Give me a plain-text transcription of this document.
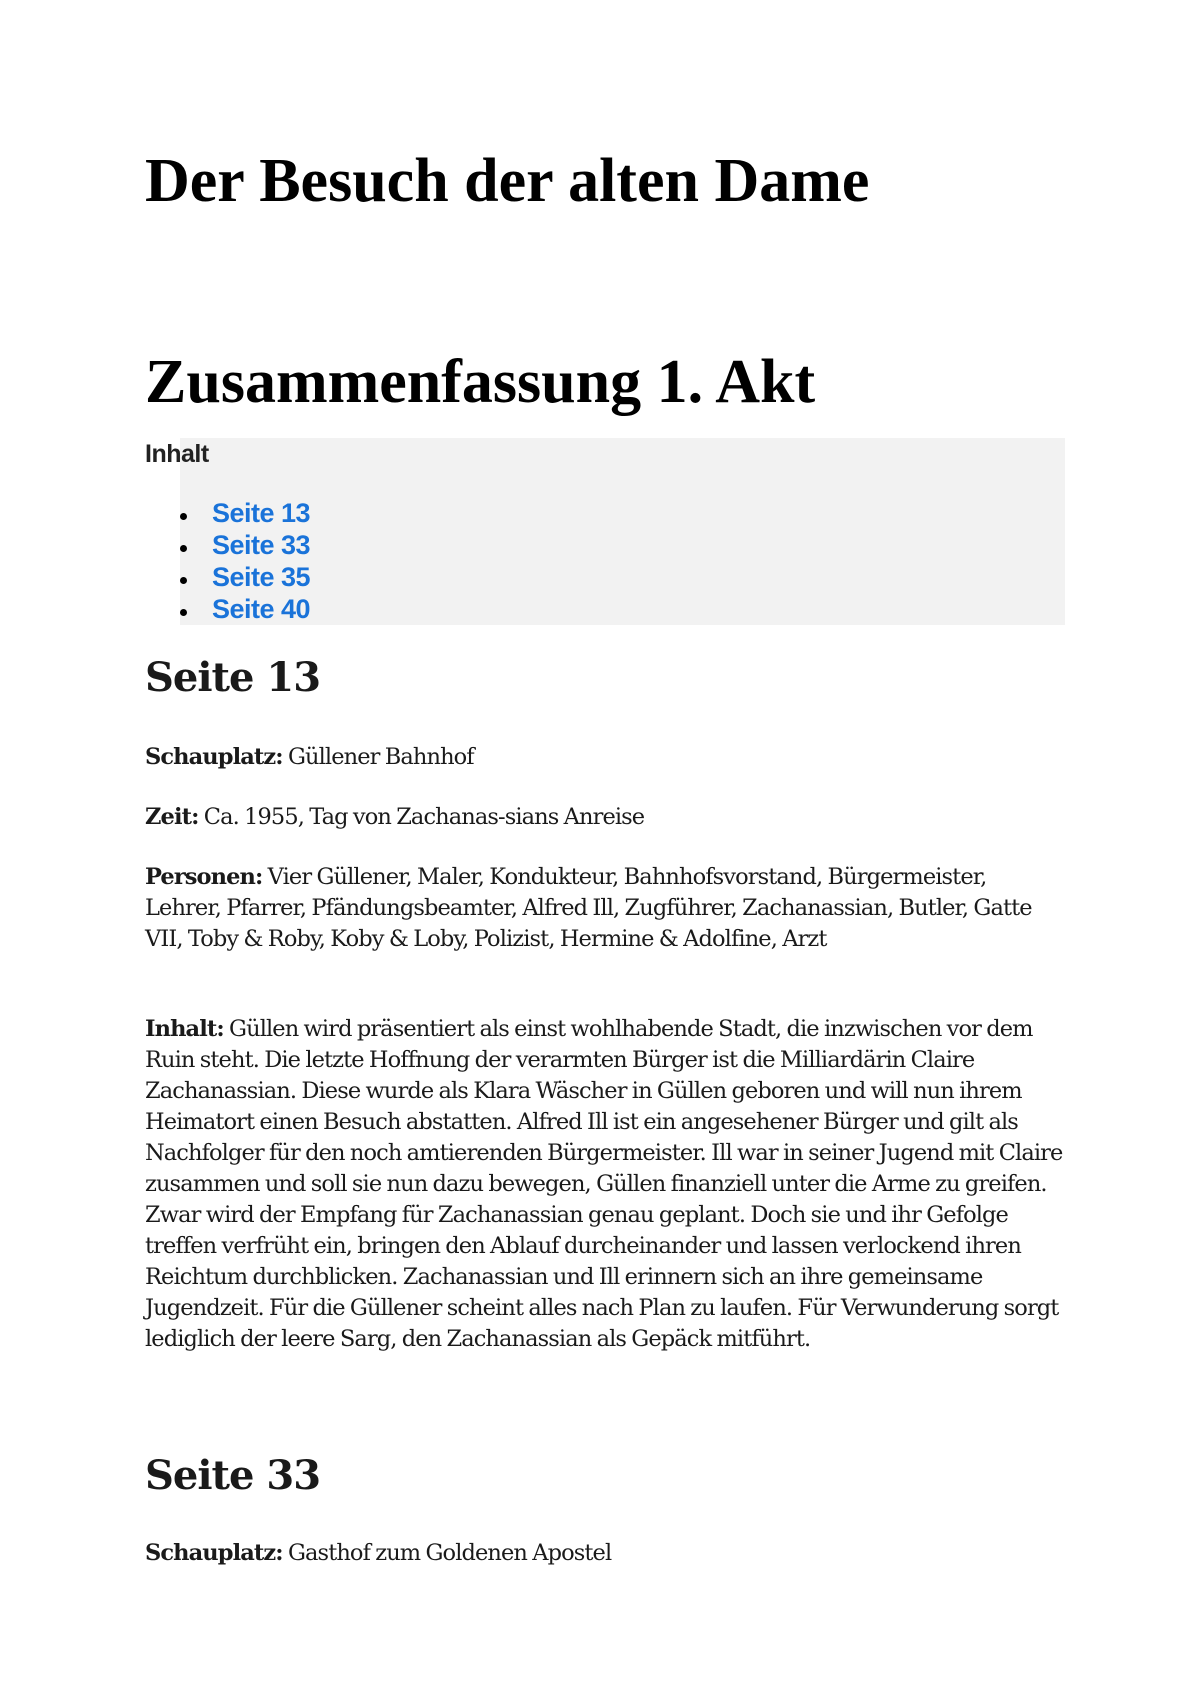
Der Besuch der alten Dame
Zusammenfassung 1. Akt
Inhalt
Seite 13
Seite 33
Seite 35
Seite 40
Seite 13

Schauplatz: Güllener Bahnhof

Zeit: Ca. 1955, Tag von Zachanas-sians Anreise

Personen: Vier Güllener, Maler, Kondukteur, Bahnhofsvorstand, Bürgermeister, Lehrer, Pfarrer, Pfändungsbeamter, Alfred Ill, Zugführer, Zachanassian, Butler, Gatte VII, Toby & Roby, Koby & Loby, Polizist, Hermine & Adolfine, Arzt

Inhalt: Güllen wird präsentiert als einst wohlhabende Stadt, die inzwischen vor dem Ruin steht. Die letzte Hoffnung der verarmten Bürger ist die Milliardärin Claire Zachanassian. Diese wurde als Klara Wäscher in Güllen geboren und will nun ihrem Heimatort einen Besuch abstatten. Alfred Ill ist ein angesehener Bürger und gilt als Nachfolger für den noch amtierenden Bürgermeister. Ill war in seiner Jugend mit Claire zusammen und soll sie nun dazu bewegen, Güllen finanziell unter die Arme zu greifen. Zwar wird der Empfang für Zachanassian genau geplant. Doch sie und ihr Gefolge treffen verfrüht ein, bringen den Ablauf durcheinander und lassen verlockend ihren Reichtum durchblicken. Zachanassian und Ill erinnern sich an ihre gemeinsame Jugendzeit. Für die Güllener scheint alles nach Plan zu laufen. Für Verwunderung sorgt lediglich der leere Sarg, den Zachanassian als Gepäck mitführt.

Seite 33

Schauplatz: Gasthof zum Goldenen Apostel
